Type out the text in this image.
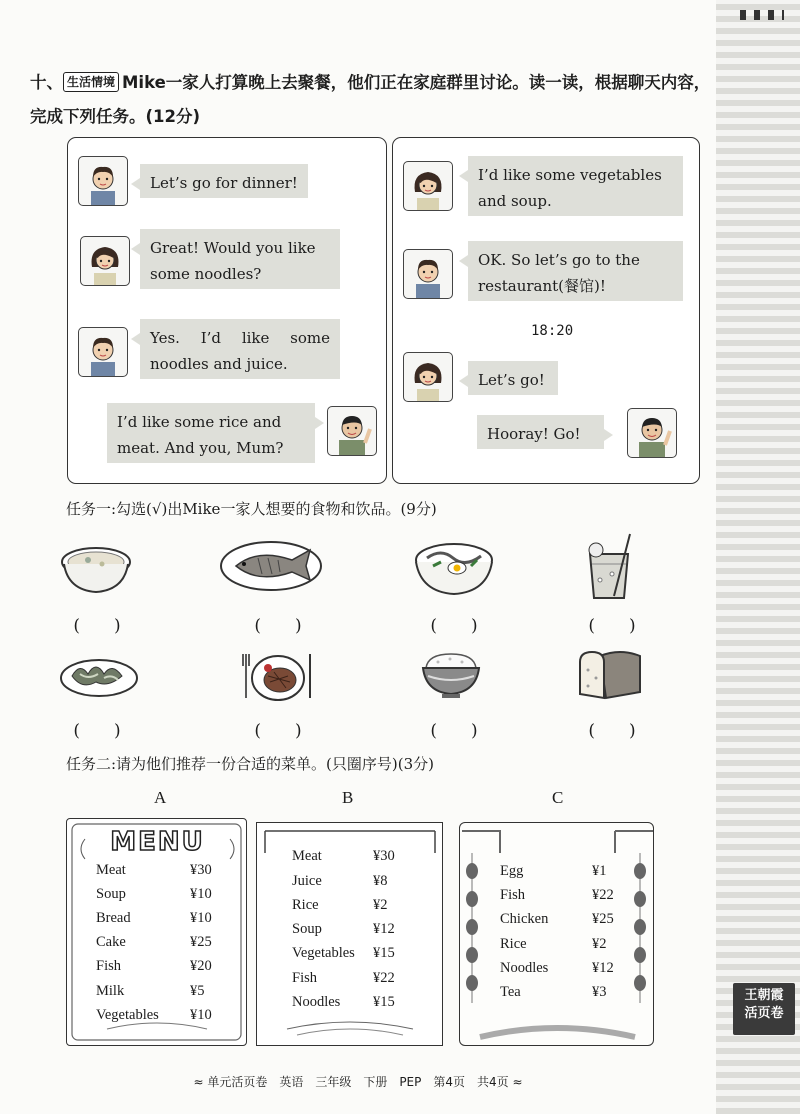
王朝霞
活页卷
十、 生活情境 Mike一家人打算晚上去聚餐，他们正在家庭群里讨论。读一读，根据聊天内容，完成下列任务。(12分)
Let’s go for dinner!
Great! Would you like some noodles?
Yes. I’d like some noodles and juice.
I’d like some rice and meat. And you, Mum?
I’d like some vegetables and soup.
OK. So let’s go to the restaurant(餐馆)!
18:20
Let’s go!
Hooray! Go!
任务一:勾选(√)出Mike一家人想要的食物和饮品。(9分)
(　　)	(　　)	(　　)	(　　)
(　　)	(　　)	(　　)	(　　)
任务二:请为他们推荐一份合适的菜单。(只圈序号)(3分)
A	B	C
MENU
Meat	¥30
Soup	¥10
Bread	¥10
Cake	¥25
Fish	¥20
Milk	¥5
Vegetables ¥10
Meat	¥30
Juice	¥8
Rice	¥2
Soup	¥12
Vegetables ¥15
Fish	¥22
Noodles ¥15
Egg	¥1
Fish	¥22
Chicken	¥25
Rice	¥2
Noodles	¥12
Tea	¥3
≈ 单元活页卷　英语　三年级　下册　PEP　第4页　共4页 ≈
